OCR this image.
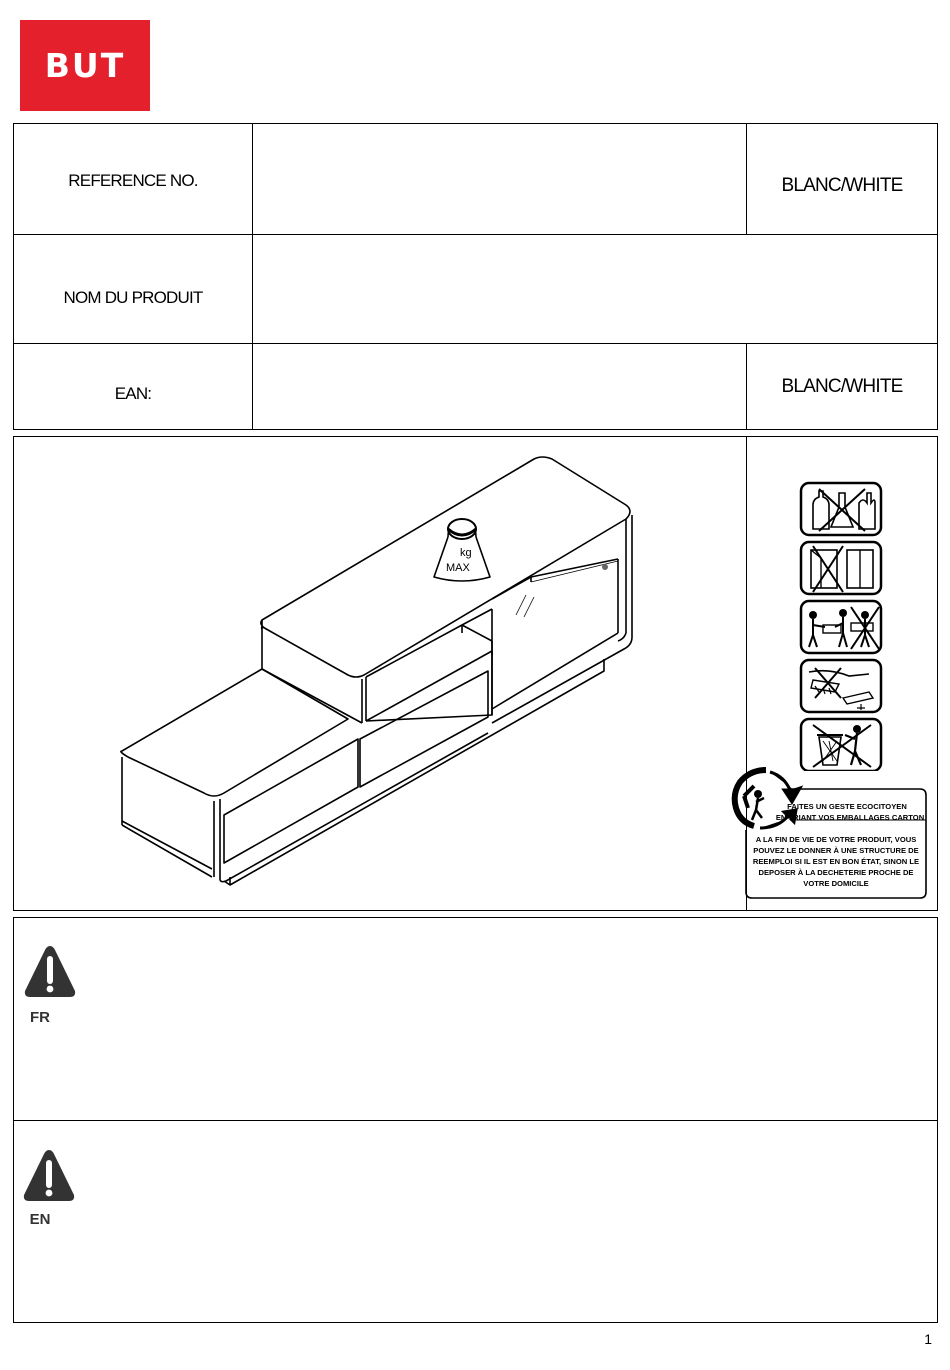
BUT
REFERENCE NO.	BLANC/WHITE
NOM DU PRODUIT
EAN:	BLANC/WHITE
kg
MAX
FAITES UN GESTE ECOCITOYEN
EN TRIANT VOS EMBALLAGES CARTON
A LA FIN DE VIE DE VOTRE PRODUIT, VOUS
POUVEZ LE DONNER À UNE STRUCTURE DE
REEMPLOI SI IL EST EN BON ÉTAT, SINON LE
DEPOSER À LA DECHETERIE PROCHE DE
VOTRE DOMICILE
FR
EN
1
